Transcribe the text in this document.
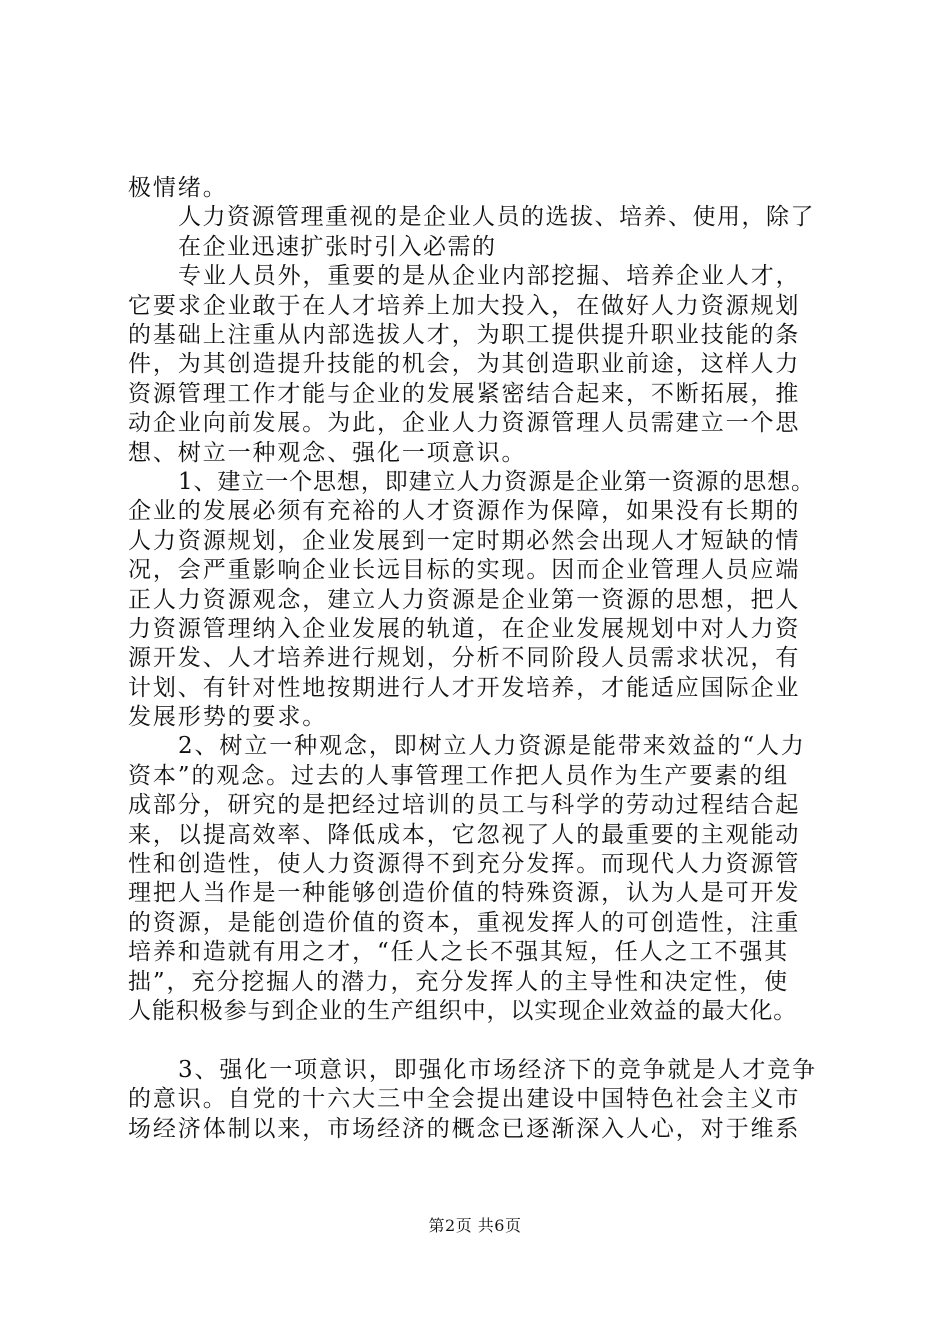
极情绪。
人力资源管理重视的是企业人员的选拔、培养、使用，除了在企业迅速扩张时引入必需的
专业人员外，重要的是从企业内部挖掘、培养企业人才，
它要求企业敢于在人才培养上加大投入，在做好人力资源规划
的基础上注重从内部选拔人才，为职工提供提升职业技能的条
件，为其创造提升技能的机会，为其创造职业前途，这样人力
资源管理工作才能与企业的发展紧密结合起来，不断拓展，推
动企业向前发展。为此，企业人力资源管理人员需建立一个思
想、树立一种观念、强化一项意识。
1、建立一个思想，即建立人力资源是企业第一资源的思想。
企业的发展必须有充裕的人才资源作为保障，如果没有长期的
人力资源规划，企业发展到一定时期必然会出现人才短缺的情
况，会严重影响企业长远目标的实现。因而企业管理人员应端
正人力资源观念，建立人力资源是企业第一资源的思想，把人
力资源管理纳入企业发展的轨道，在企业发展规划中对人力资
源开发、人才培养进行规划，分析不同阶段人员需求状况，有
计划、有针对性地按期进行人才开发培养，才能适应国际企业
发展形势的要求。
2、树立一种观念，即树立人力资源是能带来效益的“人力
资本”的观念。过去的人事管理工作把人员作为生产要素的组
成部分，研究的是把经过培训的员工与科学的劳动过程结合起
来，以提高效率、降低成本，它忽视了人的最重要的主观能动
性和创造性，使人力资源得不到充分发挥。而现代人力资源管
理把人当作是一种能够创造价值的特殊资源，认为人是可开发
的资源，是能创造价值的资本，重视发挥人的可创造性，注重
培养和造就有用之才，“任人之长不强其短，任人之工不强其
拙”，充分挖掘人的潜力，充分发挥人的主导性和决定性，使
人能积极参与到企业的生产组织中，以实现企业效益的最大化。
3、强化一项意识，即强化市场经济下的竞争就是人才竞争
的意识。自党的十六大三中全会提出建设中国特色社会主义市
场经济体制以来，市场经济的概念已逐渐深入人心，对于维系
第2页 共6页
